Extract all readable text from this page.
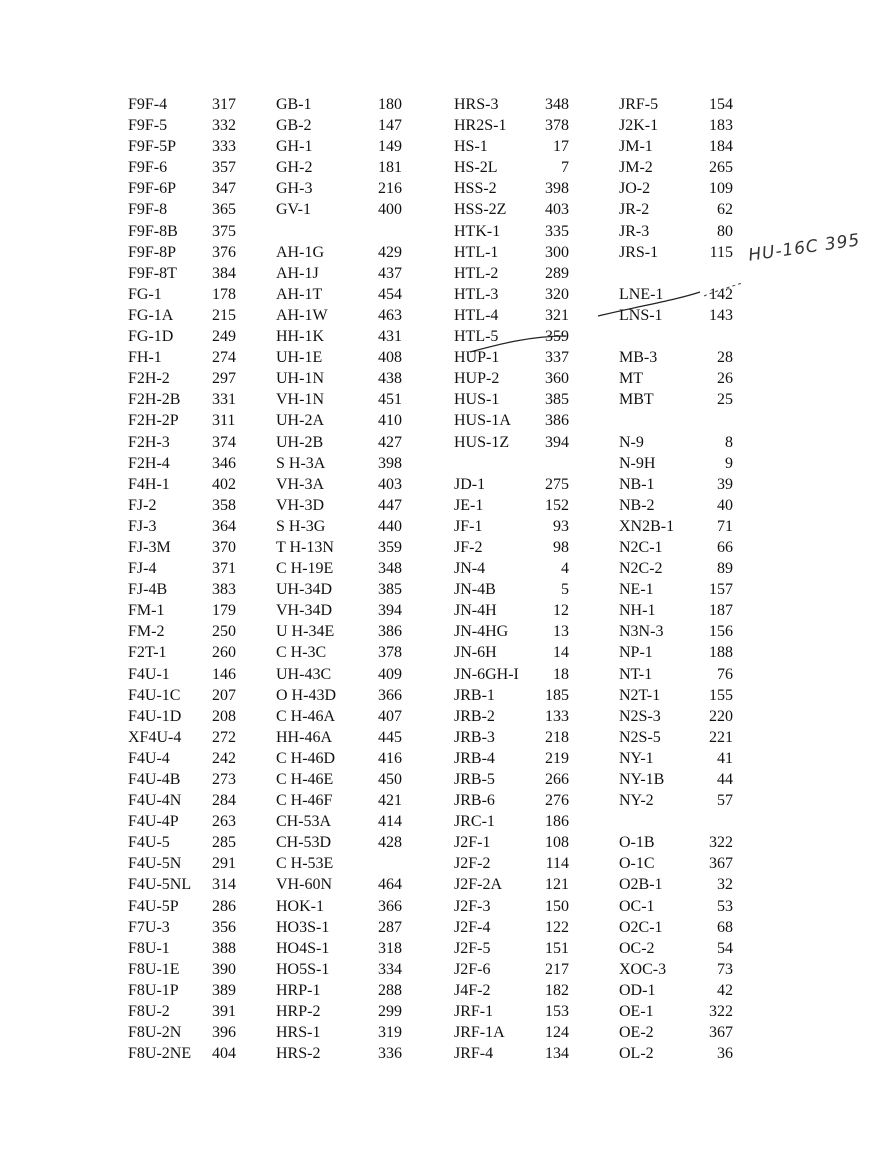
F9F-4	317
F9F-5	332
F9F-5P 333
F9F-6	357
F9F-6P 347
F9F-8	365
F9F-8B 375
F9F-8P 376
F9F-8T 384
FG-1	178
FG-1A 215
FG-1D 249
FH-1	274
F2H-2	297
F2H-2B 331
F2H-2P 311
F2H-3	374
F2H-4	346
F4H-1	402
FJ-2	358
FJ-3	364
FJ-3M	370
FJ-4	371
FJ-4B	383
FM-1	179
FM-2	250
F2T-1	260
F4U-1	146
F4U-1C 207
F4U-1D 208
XF4U-4 272
F4U-4	242
F4U-4B 273
F4U-4N 284
F4U-4P 263
F4U-5	285
F4U-5N 291
F4U-5NL 314
F4U-5P 286
F7U-3	356
F8U-1	388
F8U-1E 390
F8U-1P 389
F8U-2	391
F8U-2N 396
F8U-2NE 404
GB-1	180
GB-2	147
GH-1	149
GH-2	181
GH-3	216
GV-1	400
AH-1G	429
AH-1J	437
AH-1T	454
AH-1W	463
HH-1K	431
UH-1E	408
UH-1N	438
VH-1N	451
UH-2A	410
UH-2B	427
S H-3A	398
VH-3A	403
VH-3D	447
S H-3G	440
T H-13N	359
C H-19E	348
UH-34D	385
VH-34D	394
U H-34E	386
C H-3C	378
UH-43C	409
O H-43D	366
C H-46A	407
HH-46A	445
C H-46D	416
C H-46E	450
C H-46F	421
CH-53A	414
CH-53D	428
C H-53E
VH-60N	464
HOK-1	366
HO3S-1	287
HO4S-1	318
HO5S-1	334
HRP-1	288
HRP-2	299
HRS-1	319
HRS-2	336
HRS-3	348
HR2S-1	378
HS-1	17
HS-2L	7
HSS-2	398
HSS-2Z	403
HTK-1	335
HTL-1	300
HTL-2	289
HTL-3	320
HTL-4	321
HTL-5	359
HUP-1	337
HUP-2	360
HUS-1	385
HUS-1A	386
HUS-1Z	394
JD-1	275
JE-1	152
JF-1	93
JF-2	98
JN-4	4
JN-4B	5
JN-4H	12
JN-4HG	13
JN-6H	14
JN-6GH-I	18
JRB-1	185
JRB-2	133
JRB-3	218
JRB-4	219
JRB-5	266
JRB-6	276
JRC-1	186
J2F-1	108
J2F-2	114
J2F-2A	121
J2F-3	150
J2F-4	122
J2F-5	151
J2F-6	217
J4F-2	182
JRF-1	153
JRF-1A	124
JRF-4	134
JRF-5	154
J2K-1	183
JM-1	184
JM-2	265
JO-2	109
JR-2	62
JR-3	80
JRS-1	115
LNE-1	142
LNS-1	143
MB-3	28
MT	26
MBT	25
N-9	8
N-9H	9
NB-1	39
NB-2	40
XN2B-1	71
N2C-1	66
N2C-2	89
NE-1	157
NH-1	187
N3N-3	156
NP-1	188
NT-1	76
N2T-1	155
N2S-3	220
N2S-5	221
NY-1	41
NY-1B	44
NY-2	57
O-1B	322
O-1C	367
O2B-1	32
OC-1	53
O2C-1	68
OC-2	54
XOC-3	73
OD-1	42
OE-1	322
OE-2	367
OL-2	36
HU-16C 395
